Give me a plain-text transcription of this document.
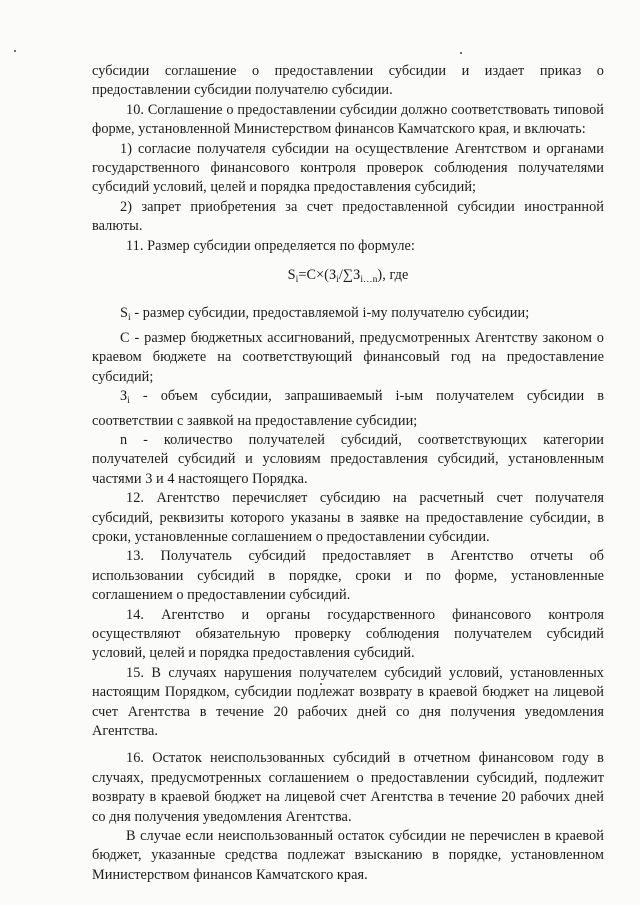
субсидии соглашение о предоставлении субсидии и издает приказ о предоставлении субсидии получателю субсидии.

10. Соглашение о предоставлении субсидии должно соответствовать типовой форме, установленной Министерством финансов Камчатского края, и включать:

1) согласие получателя субсидии на осуществление Агентством и органами государственного финансового контроля проверок соблюдения получателями субсидий условий, целей и порядка предоставления субсидий;

2) запрет приобретения за счет предоставленной субсидии иностранной валюты.

11. Размер субсидии определяется по формуле:

$S_i=С\times(З_i/\sum З_{i\dots n})$, где

$S_i$ - размер субсидии, предоставляемой i-му получателю субсидии;

С - размер бюджетных ассигнований, предусмотренных Агентству законом о краевом бюджете на соответствующий финансовый год на предоставление субсидий;

$З_i$ - объем субсидии, запрашиваемый i-ым получателем субсидии в соответствии с заявкой на предоставление субсидии;

n - количество получателей субсидий, соответствующих категории получателей субсидий и условиям предоставления субсидий, установленным частями 3 и 4 настоящего Порядка.

12. Агентство перечисляет субсидию на расчетный счет получателя субсидий, реквизиты которого указаны в заявке на предоставление субсидии, в сроки, установленные соглашением о предоставлении субсидии.

13. Получатель субсидий предоставляет в Агентство отчеты об использовании субсидий в порядке, сроки и по форме, установленные соглашением о предоставлении субсидий.

14. Агентство и органы государственного финансового контроля осуществляют обязательную проверку соблюдения получателем субсидий условий, целей и порядка предоставления субсидий.

15. В случаях нарушения получателем субсидий условий, установленных настоящим Порядком, субсидии подлежат возврату в краевой бюджет на лицевой счет Агентства в течение 20 рабочих дней со дня получения уведомления Агентства.

16. Остаток неиспользованных субсидий в отчетном финансовом году в случаях, предусмотренных соглашением о предоставлении субсидий, подлежит возврату в краевой бюджет на лицевой счет Агентства в течение 20 рабочих дней со дня получения уведомления Агентства.

В случае если неиспользованный остаток субсидии не перечислен в краевой бюджет, указанные средства подлежат взысканию в порядке, установленном Министерством финансов Камчатского края.
